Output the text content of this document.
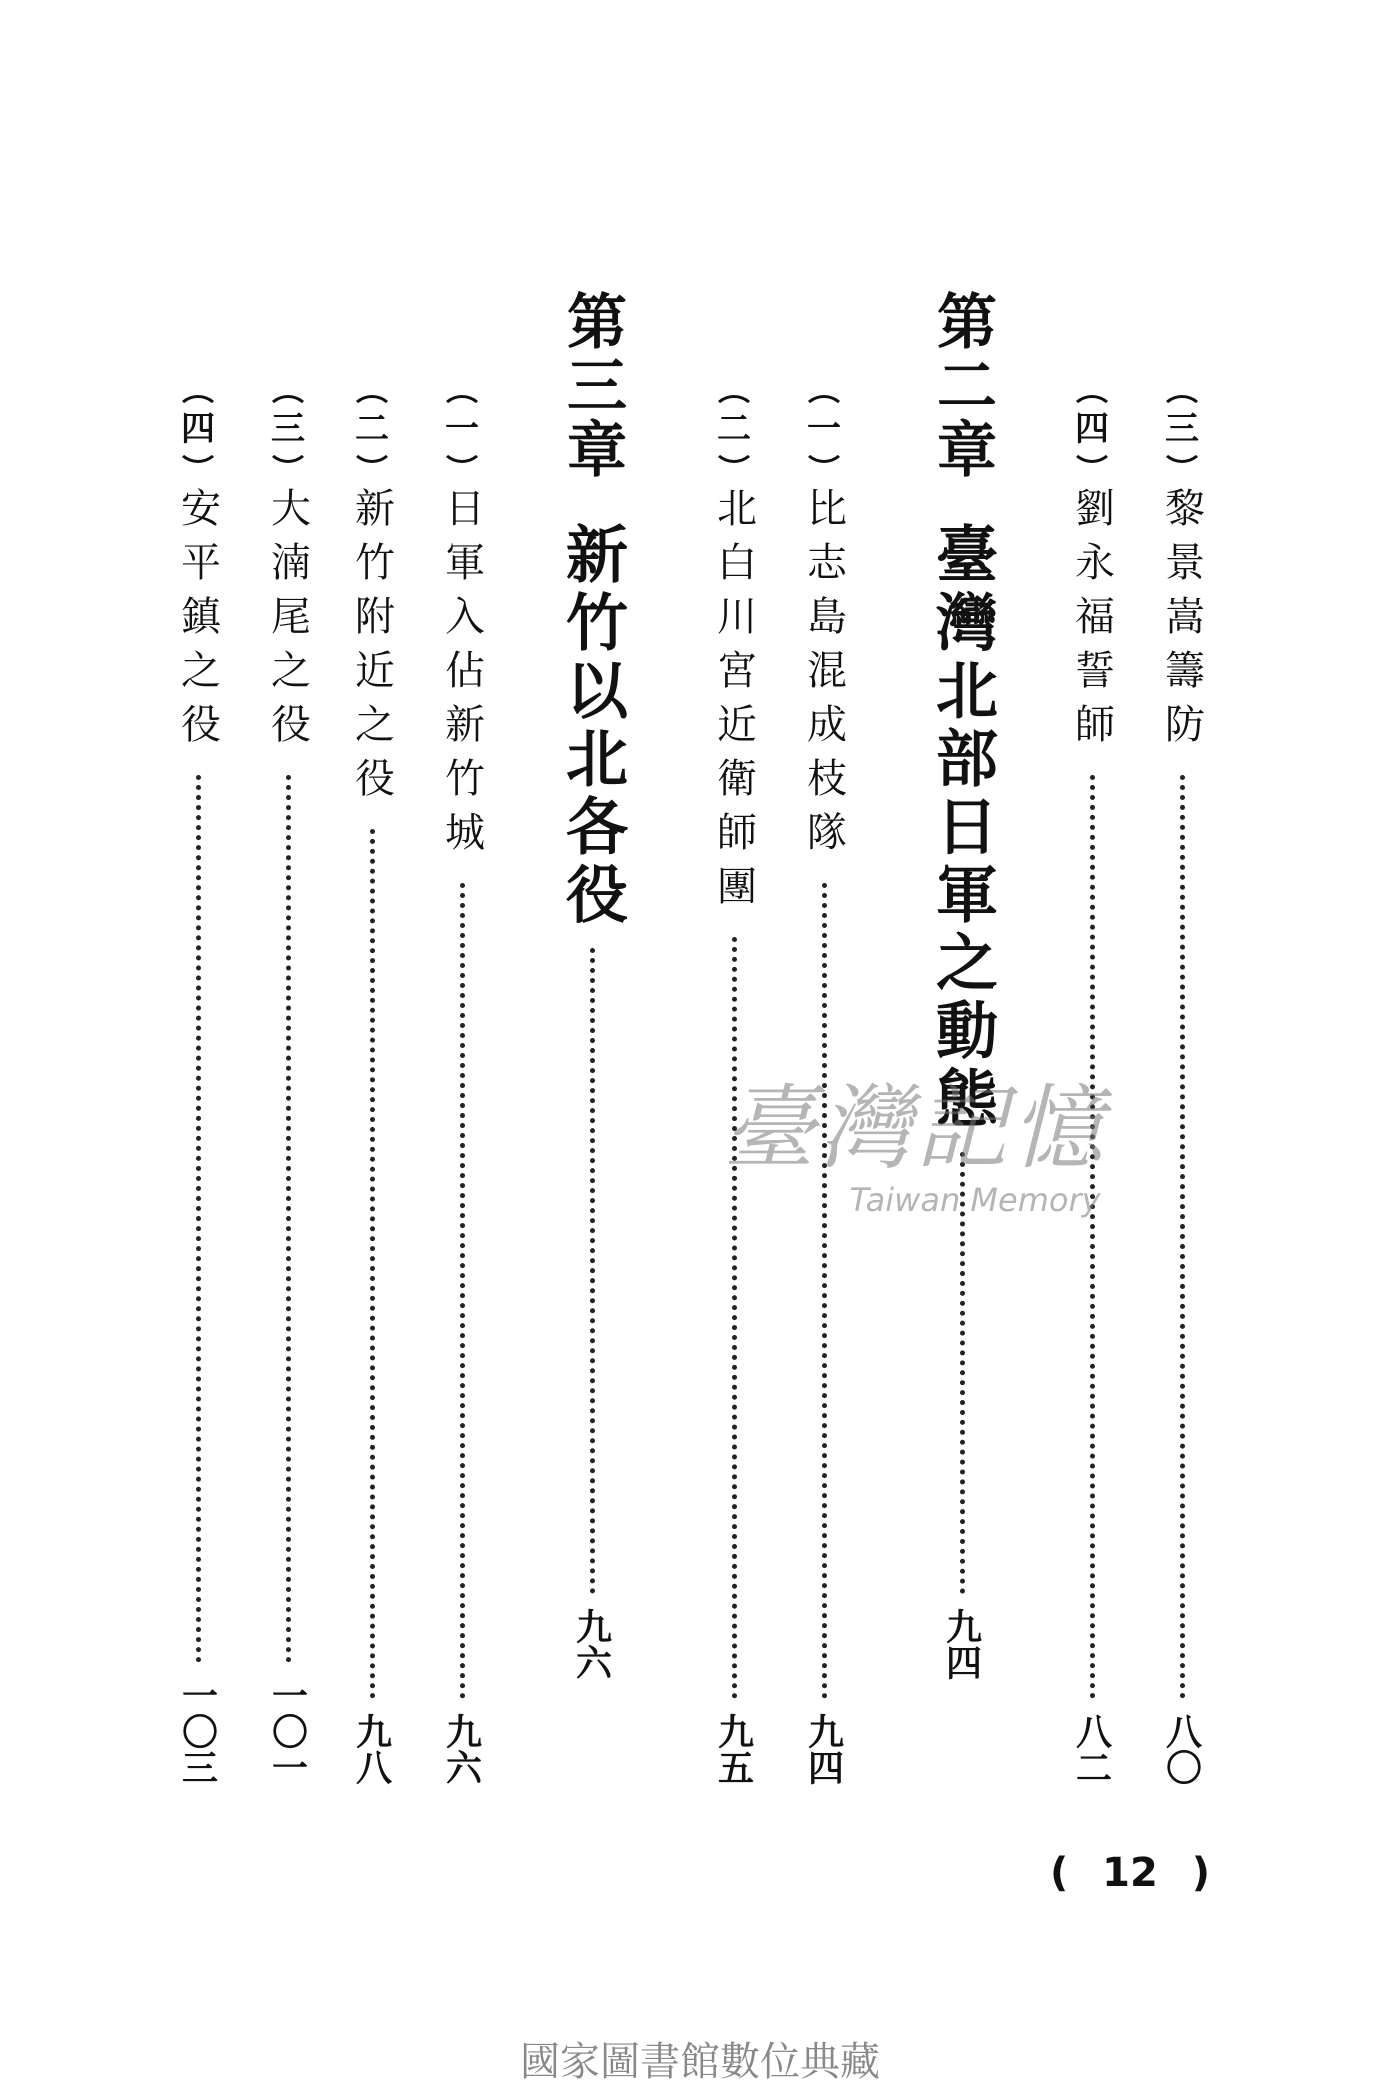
三
黎景嵩籌防
八〇
四
劉永福誓師
八二
第二章
臺灣北部日軍之動態
九四
一
比志島混成枝隊
九四
二
北白川宮近衛師團
九五
第三章
新竹以北各役
九六
一
日軍入佔新竹城
九六
二
新竹附近之役
九八
三
大湳尾之役
一〇一
四
安平鎮之役
一〇三
( 12 )
臺灣記憶
Taiwan Memory
國家圖書館數位典藏
